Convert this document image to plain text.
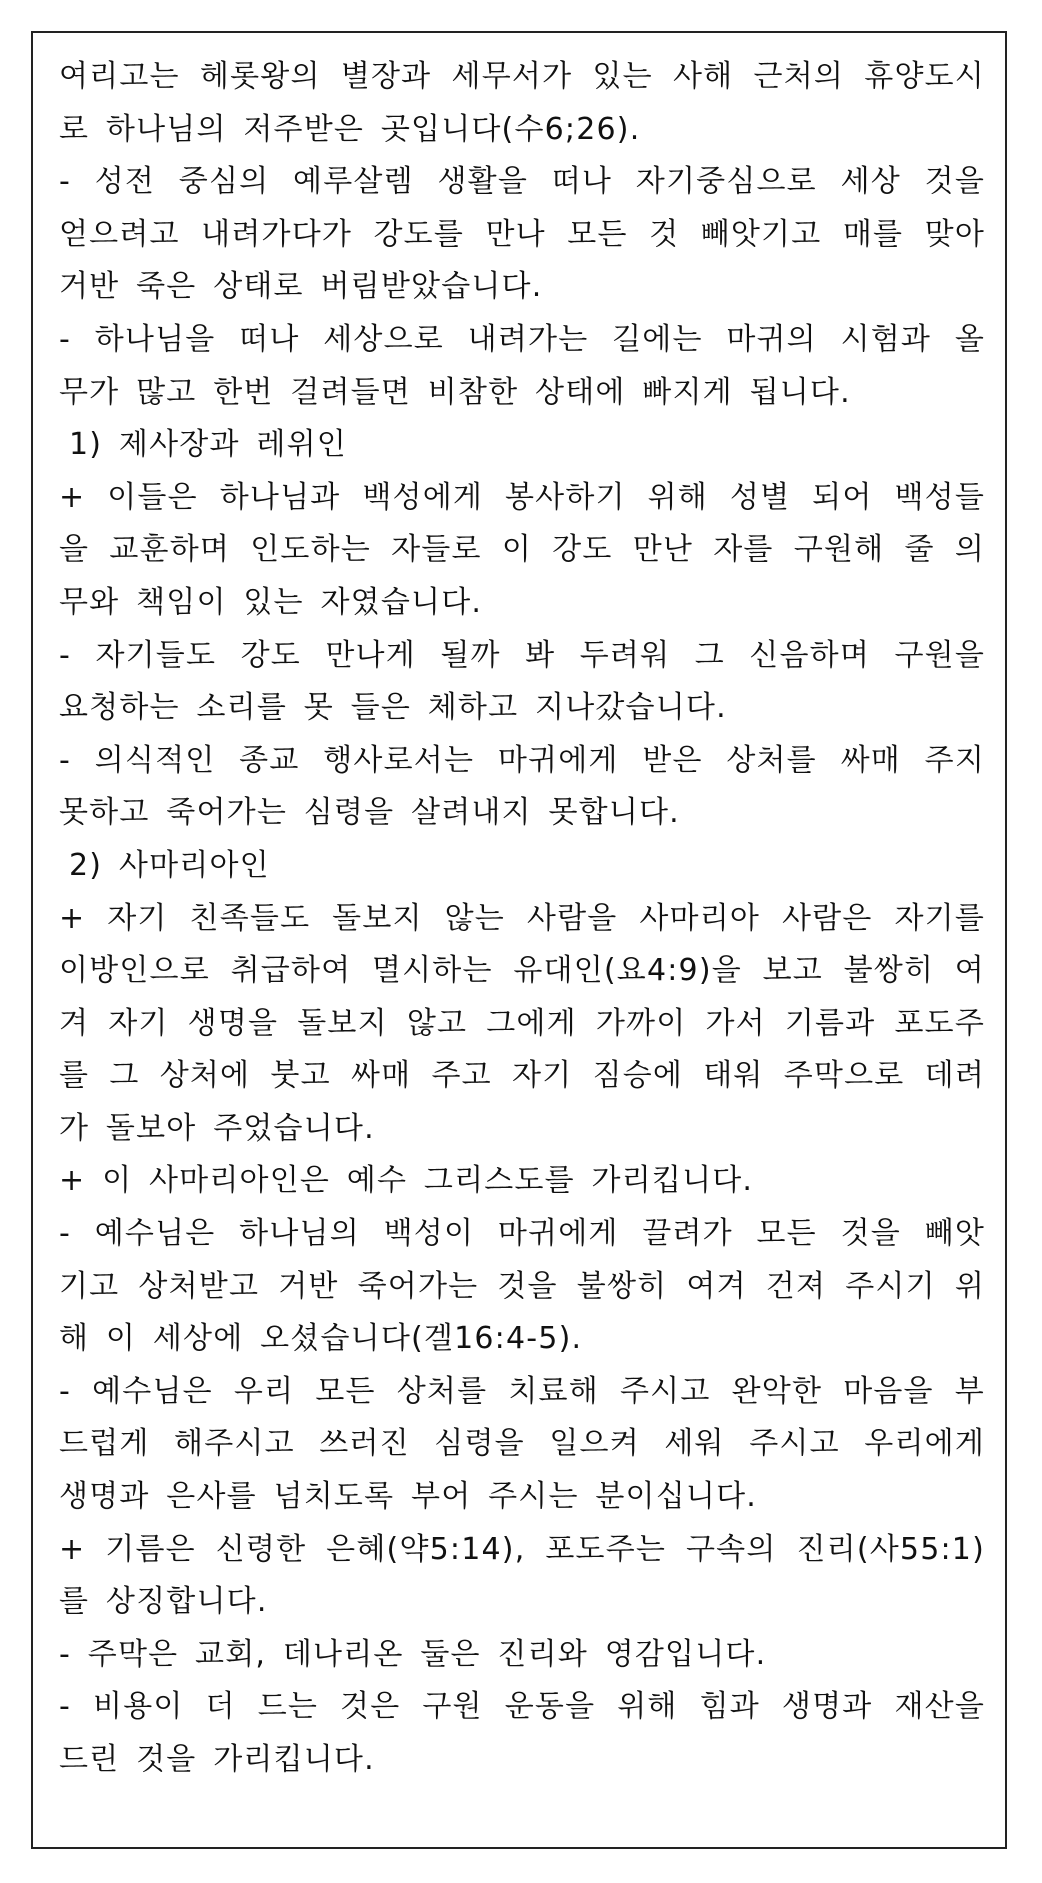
여리고는 헤롯왕의 별장과 세무서가 있는 사해 근처의 휴양도시
로 하나님의 저주받은 곳입니다(수6;26).
- 성전 중심의 예루살렘 생활을 떠나 자기중심으로 세상 것을
얻으려고 내려가다가 강도를 만나 모든 것 빼앗기고 매를 맞아
거반 죽은 상태로 버림받았습니다.
- 하나님을 떠나 세상으로 내려가는 길에는 마귀의 시험과 올
무가 많고 한번 걸려들면 비참한 상태에 빠지게 됩니다.
1) 제사장과 레위인
+ 이들은 하나님과 백성에게 봉사하기 위해 성별 되어 백성들
을 교훈하며 인도하는 자들로 이 강도 만난 자를 구원해 줄 의
무와 책임이 있는 자였습니다.
- 자기들도 강도 만나게 될까 봐 두려워 그 신음하며 구원을
요청하는 소리를 못 들은 체하고 지나갔습니다.
- 의식적인 종교 행사로서는 마귀에게 받은 상처를 싸매 주지
못하고 죽어가는 심령을 살려내지 못합니다.
2) 사마리아인
+ 자기 친족들도 돌보지 않는 사람을 사마리아 사람은 자기를
이방인으로 취급하여 멸시하는 유대인(요4:9)을 보고 불쌍히 여
겨 자기 생명을 돌보지 않고 그에게 가까이 가서 기름과 포도주
를 그 상처에 붓고 싸매 주고 자기 짐승에 태워 주막으로 데려
가 돌보아 주었습니다.
+ 이 사마리아인은 예수 그리스도를 가리킵니다.
- 예수님은 하나님의 백성이 마귀에게 끌려가 모든 것을 빼앗
기고 상처받고 거반 죽어가는 것을 불쌍히 여겨 건져 주시기 위
해 이 세상에 오셨습니다(겔16:4-5).
- 예수님은 우리 모든 상처를 치료해 주시고 완악한 마음을 부
드럽게 해주시고 쓰러진 심령을 일으켜 세워 주시고 우리에게
생명과 은사를 넘치도록 부어 주시는 분이십니다.
+ 기름은 신령한 은혜(약5:14), 포도주는 구속의 진리(사55:1)
를 상징합니다.
- 주막은 교회, 데나리온 둘은 진리와 영감입니다.
- 비용이 더 드는 것은 구원 운동을 위해 힘과 생명과 재산을
드린 것을 가리킵니다.
